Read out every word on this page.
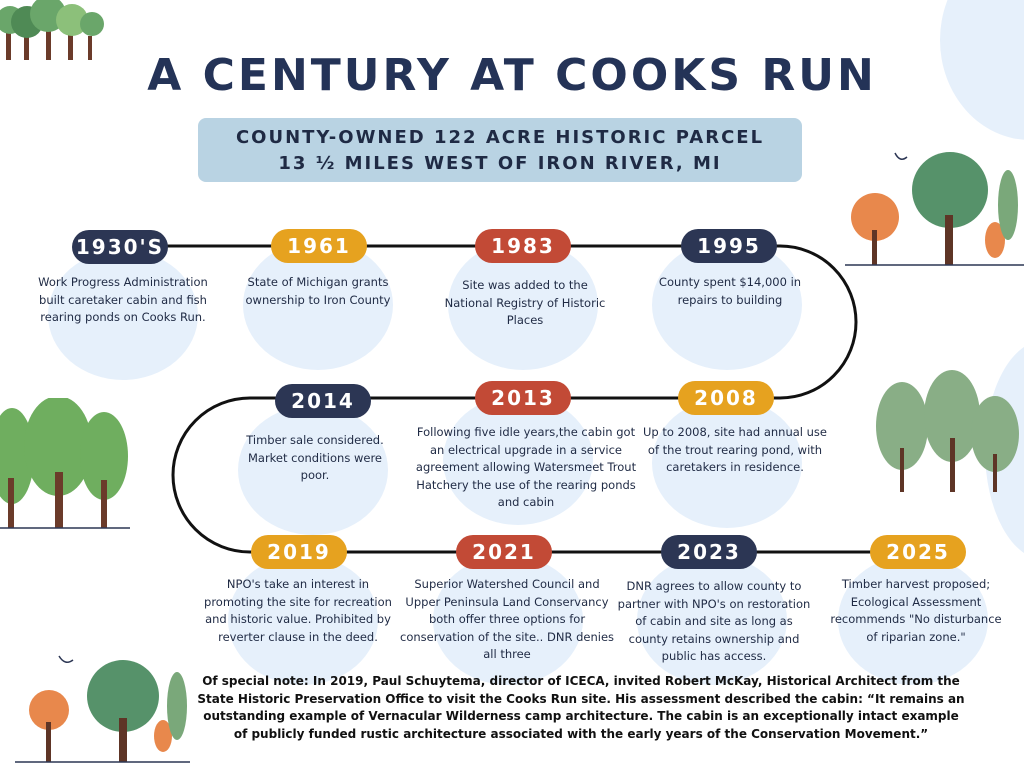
A CENTURY AT COOKS RUN
COUNTY-OWNED 122 ACRE HISTORIC PARCEL
13 ½ MILES WEST OF IRON RIVER, MI
1930'S	1961	1983	1995
2008
2013
2014
2019	2021	2023	2025
Work Progress Administration built caretaker cabin and fish rearing ponds on Cooks Run.
State of Michigan grants ownership to Iron County
Site was added to the National Registry of Historic Places
County spent $14,000 in repairs to building
Up to 2008, site had annual use of the trout rearing pond, with caretakers in residence.
Following five idle years,the cabin got an electrical upgrade in a service agreement allowing Watersmeet Trout Hatchery the use of the rearing ponds and cabin
Timber sale considered. Market conditions were poor.
NPO's take an interest in promoting the site for recreation and historic value. Prohibited by reverter clause in the deed.
Superior Watershed Council and Upper Peninsula Land Conservancy both offer three options for conservation of the site.. DNR denies all three
DNR agrees to allow county to partner with NPO's on restoration of cabin and site as long as county retains ownership and public has access.
Timber harvest proposed; Ecological Assessment recommends "No disturbance of riparian zone."
Of special note: In 2019, Paul Schuytema, director of ICECA, invited Robert McKay, Historical Architect from the State Historic Preservation Office to visit the Cooks Run site. His assessment described the cabin: “It remains an outstanding example of Vernacular Wilderness camp architecture. The cabin is an exceptionally intact example of publicly funded rustic architecture associated with the early years of the Conservation Movement.”
